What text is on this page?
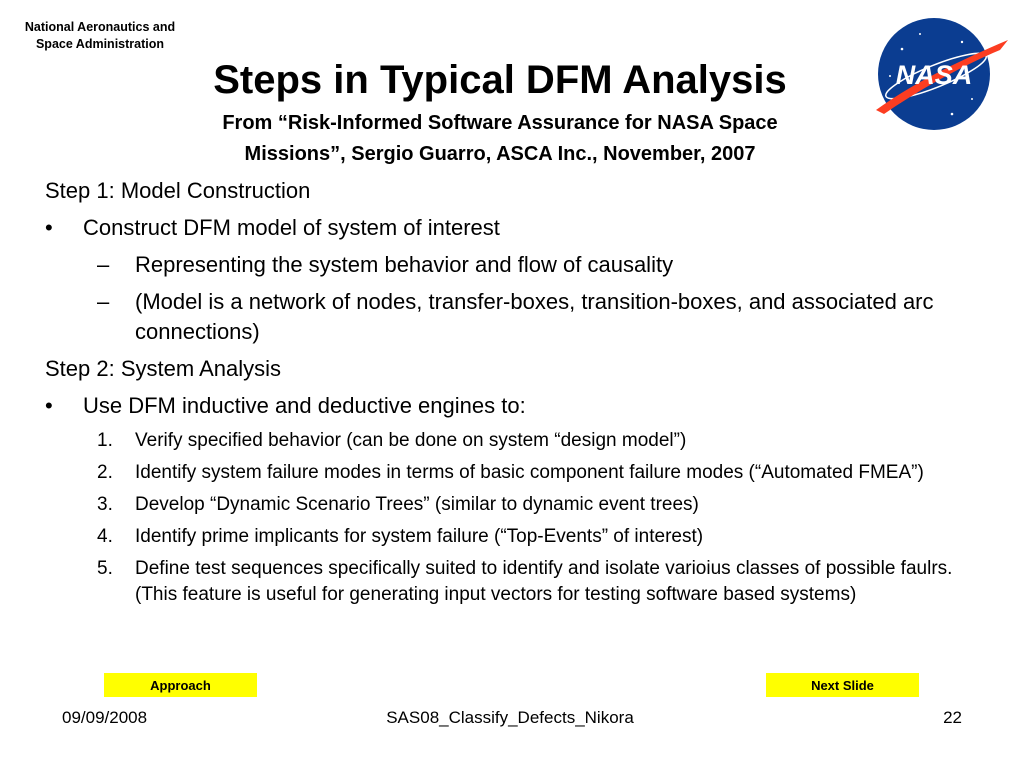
National Aeronautics and
Space Administration
NASA
Steps in Typical DFM Analysis
From “Risk-Informed Software Assurance for NASA Space
Missions”, Sergio Guarro, ASCA Inc., November, 2007
Step 1: Model Construction
• Construct DFM model of system of interest
– Representing the system behavior and flow of causality
– (Model is a network of nodes, transfer-boxes, transition-boxes, and associated arc connections)
Step 2: System Analysis
• Use DFM inductive and deductive engines to:
1. Verify specified behavior (can be done on system “design model”)
2. Identify system failure modes in terms of basic component failure modes (“Automated FMEA”)
3. Develop “Dynamic Scenario Trees” (similar to dynamic event trees)
4. Identify prime implicants for system failure (“Top-Events” of interest)
5. Define test sequences specifically suited to identify and isolate varioius classes of possible faulrs. (This feature is useful for generating input vectors for testing software based systems)
Approach	Next Slide
09/09/2008	SAS08_Classify_Defects_Nikora	22
